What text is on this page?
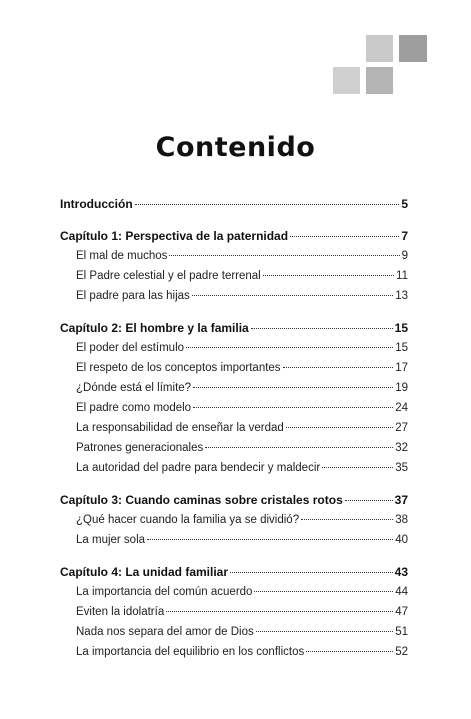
Contenido
Introducción	5
Capítulo 1: Perspectiva de la paternidad	7
El mal de muchos	9
El Padre celestial y el padre terrenal	11
El padre para las hijas	13
Capítulo 2: El hombre y la familia	15
El poder del estímulo	15
El respeto de los conceptos importantes	17
¿Dónde está el límite?	19
El padre como modelo	24
La responsabilidad de enseñar la verdad	27
Patrones generacionales	32
La autoridad del padre para bendecir y maldecir	35
Capítulo 3: Cuando caminas sobre cristales rotos	37
¿Qué hacer cuando la familia ya se dividió?	38
La mujer sola	40
Capítulo 4: La unidad familiar	43
La importancia del común acuerdo	44
Eviten la idolatría	47
Nada nos separa del amor de Dios	51
La importancia del equilibrio en los conflictos	52
